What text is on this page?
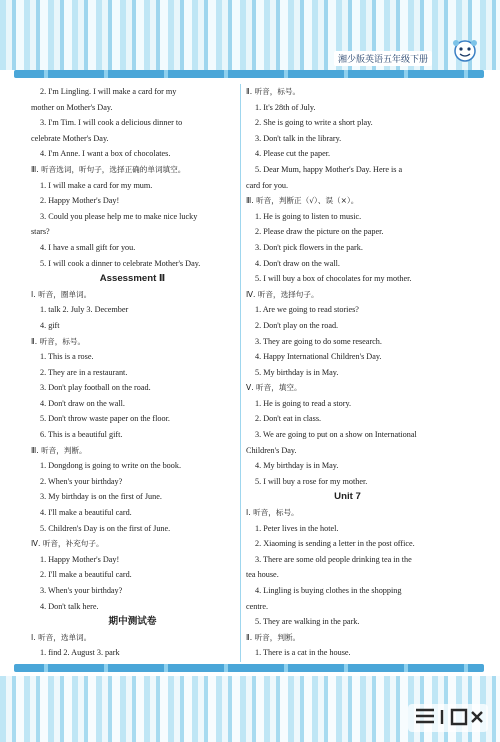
湘少版英语五年级下册
2. I'm Lingling. I will make a card for my
mother on Mother's Day.
3. I'm Tim. I will cook a delicious dinner to
celebrate Mother's Day.
4. I'm Anne. I want a box of chocolates.
Ⅲ. 听音选词，听句子，选择正确的单词填空。
1. I will make a card for my mum.
2. Happy Mother's Day!
3. Could you please help me to make nice lucky
stars?
4. I have a small gift for you.
5. I will cook a dinner to celebrate Mother's Day.
Assessment Ⅱ
Ⅰ. 听音，圈单词。
1. talk 2. July 3. December
4. gift
Ⅱ. 听音，标号。
1. This is a rose.
2. They are in a restaurant.
3. Don't play football on the road.
4. Don't draw on the wall.
5. Don't throw waste paper on the floor.
6. This is a beautiful gift.
Ⅲ. 听音，判断。
1. Dongdong is going to write on the book.
2. When's your birthday?
3. My birthday is on the first of June.
4. I'll make a beautiful card.
5. Children's Day is on the first of June.
Ⅳ. 听音，补充句子。
1. Happy Mother's Day!
2. I'll make a beautiful card.
3. When's your birthday?
4. Don't talk here.
期中测试卷
Ⅰ. 听音，选单词。
1. find 2. August 3. park
Ⅱ. 听音，标号。
1. It's 28th of July.
2. She is going to write a short play.
3. Don't talk in the library.
4. Please cut the paper.
5. Dear Mum, happy Mother's Day. Here is a
card for you.
Ⅲ. 听音，判断正（√）、误（×）。
1. He is going to listen to music.
2. Please draw the picture on the paper.
3. Don't pick flowers in the park.
4. Don't draw on the wall.
5. I will buy a box of chocolates for my mother.
Ⅳ. 听音，选择句子。
1. Are we going to read stories?
2. Don't play on the road.
3. They are going to do some research.
4. Happy International Children's Day.
5. My birthday is in May.
Ⅴ. 听音，填空。
1. He is going to read a story.
2. Don't eat in class.
3. We are going to put on a show on International
Children's Day.
4. My birthday is in May.
5. I will buy a rose for my mother.
Unit 7
Ⅰ. 听音，标号。
1. Peter lives in the hotel.
2. Xiaoming is sending a letter in the post office.
3. There are some old people drinking tea in the
tea house.
4. Lingling is buying clothes in the shopping
centre.
5. They are walking in the park.
Ⅱ. 听音，判断。
1. There is a cat in the house.
